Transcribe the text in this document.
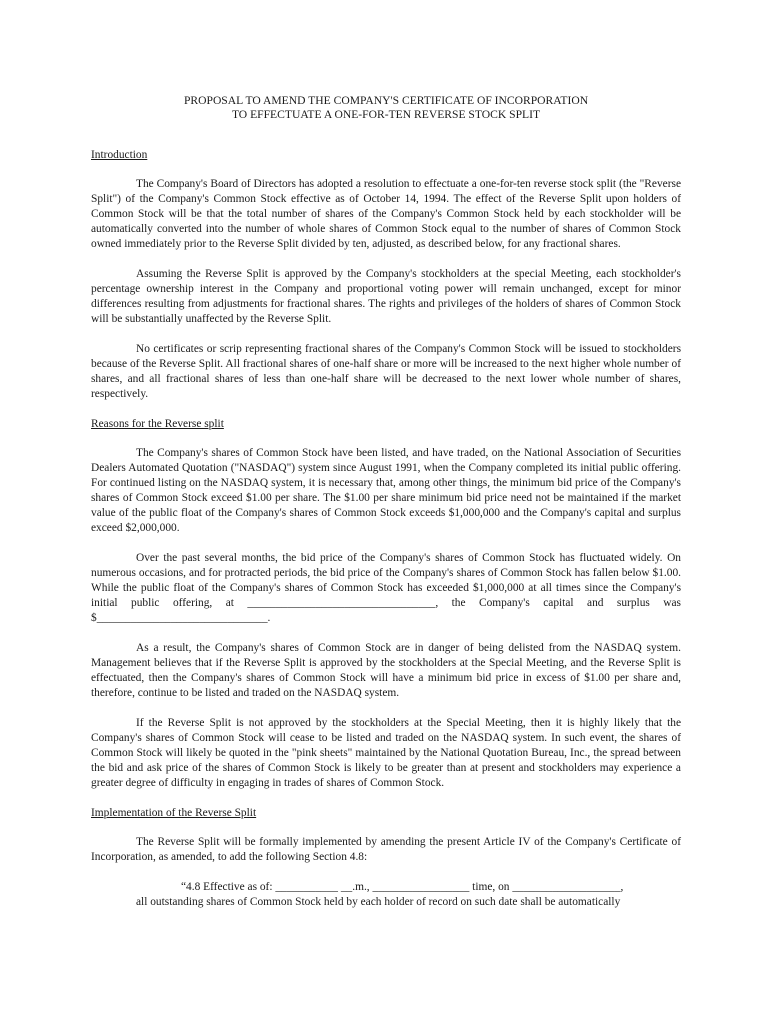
PROPOSAL TO AMEND THE COMPANY'S CERTIFICATE OF INCORPORATION
TO EFFECTUATE A ONE-FOR-TEN REVERSE STOCK SPLIT
Introduction

The Company's Board of Directors has adopted a resolution to effectuate a one-for-ten reverse stock split (the "Reverse Split") of the Company's Common Stock effective as of October 14, 1994. The effect of the Reverse Split upon holders of Common Stock will be that the total number of shares of the Company's Common Stock held by each stockholder will be automatically converted into the number of whole shares of Common Stock equal to the number of shares of Common Stock owned immediately prior to the Reverse Split divided by ten, adjusted, as described below, for any fractional shares.

Assuming the Reverse Split is approved by the Company's stockholders at the special Meeting, each stockholder's percentage ownership interest in the Company and proportional voting power will remain unchanged, except for minor differences resulting from adjustments for fractional shares. The rights and privileges of the holders of shares of Common Stock will be substantially unaffected by the Reverse Split.

No certificates or scrip representing fractional shares of the Company's Common Stock will be issued to stockholders because of the Reverse Split. All fractional shares of one-half share or more will be increased to the next higher whole number of shares, and all fractional shares of less than one-half share will be decreased to the next lower whole number of shares, respectively.

Reasons for the Reverse split

The Company's shares of Common Stock have been listed, and have traded, on the National Association of Securities Dealers Automated Quotation ("NASDAQ") system since August 1991, when the Company completed its initial public offering. For continued listing on the NASDAQ system, it is necessary that, among other things, the minimum bid price of the Company's shares of Common Stock exceed $1.00 per share. The $1.00 per share minimum bid price need not be maintained if the market value of the public float of the Company's shares of Common Stock exceeds $1,000,000 and the Company's capital and surplus exceed $2,000,000.

Over the past several months, the bid price of the Company's shares of Common Stock has fluctuated widely. On numerous occasions, and for protracted periods, the bid price of the Company's shares of Common Stock has fallen below $1.00. While the public float of the Company's shares of Common Stock has exceeded $1,000,000 at all times since the Company's initial public offering, at _________________________________, the Company's capital and surplus was $______________________________.

As a result, the Company's shares of Common Stock are in danger of being delisted from the NASDAQ system. Management believes that if the Reverse Split is approved by the stockholders at the Special Meeting, and the Reverse Split is effectuated, then the Company's shares of Common Stock will have a minimum bid price in excess of $1.00 per share and, therefore, continue to be listed and traded on the NASDAQ system.

If the Reverse Split is not approved by the stockholders at the Special Meeting, then it is highly likely that the Company's shares of Common Stock will cease to be listed and traded on the NASDAQ system. In such event, the shares of Common Stock will likely be quoted in the "pink sheets" maintained by the National Quotation Bureau, Inc., the spread between the bid and ask price of the shares of Common Stock is likely to be greater than at present and stockholders may experience a greater degree of difficulty in engaging in trades of shares of Common Stock.

Implementation of the Reverse Split

The Reverse Split will be formally implemented by amending the present Article IV of the Company's Certificate of Incorporation, as amended, to add the following Section 4.8:

“4.8 Effective as of: ___________ __.m., _________________ time, on ___________________,
all outstanding shares of Common Stock held by each holder of record on such date shall be automatically
